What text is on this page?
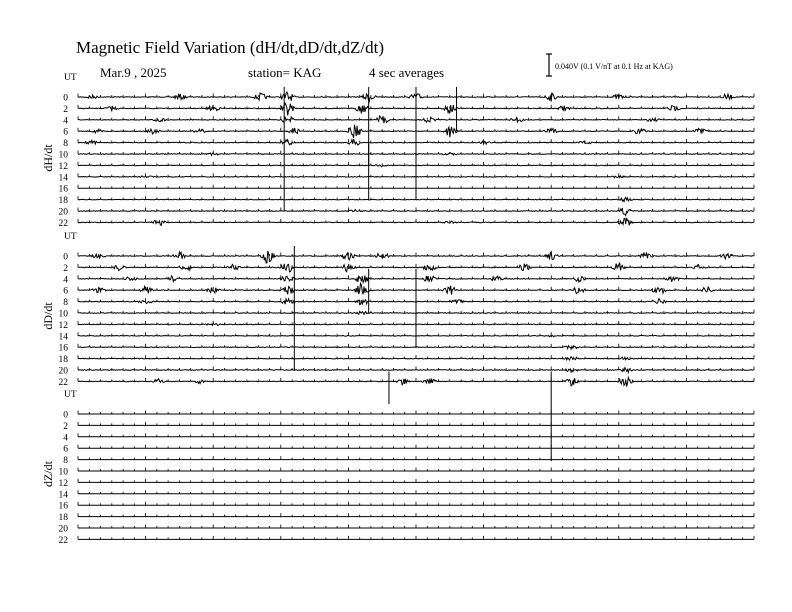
Magnetic Field Variation (dH/dt,dD/dt,dZ/dt)
Mar.9 , 2025	station= KAG	4 sec averages	0.040V (0.1 V/nT at 0.1 Hz at KAG)
UT
dH/dt
0
2
4
6
8
10
12
14
16
18
20
22
UT
dD/dt
0
2
4
6
8
10
12
14
16
18
20
22
UT
dZ/dt
0
2
4
6
8
10
12
14
16
18
20
22
